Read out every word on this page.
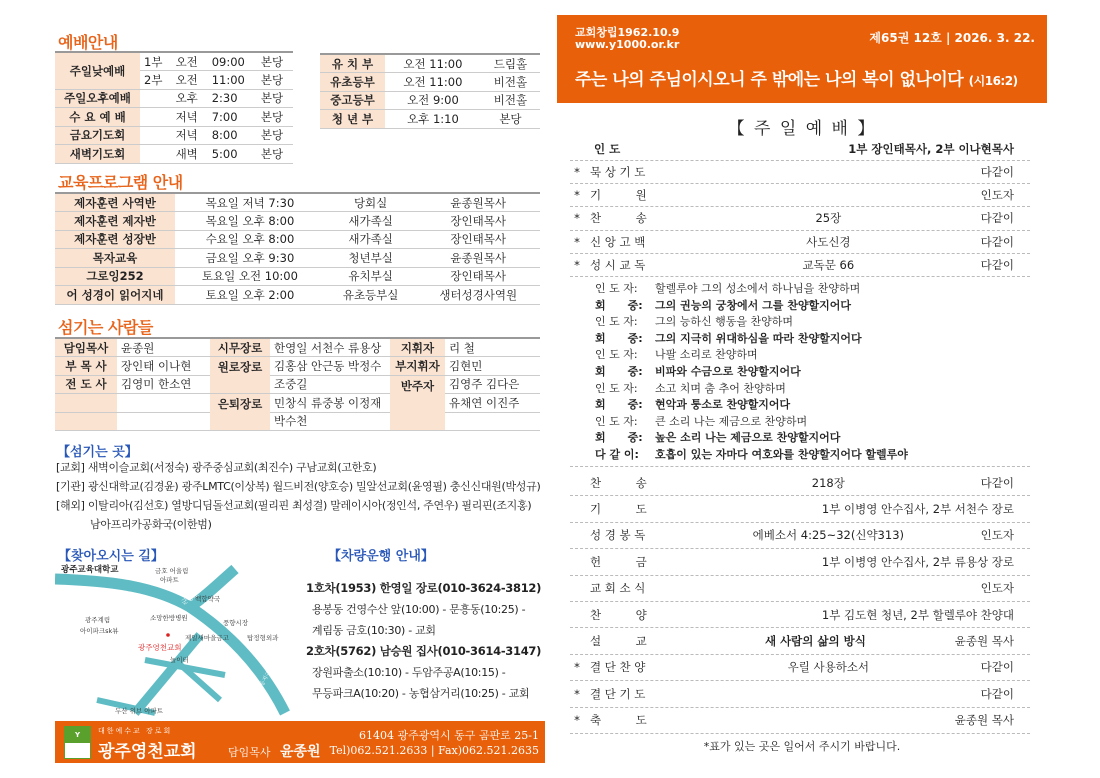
예배안내
주일낮예배	1부	오전	09:00	본당
	2부	오전	11:00	본당
주일오후예배		오후	2:30	본당
수 요 예 배		저녁	7:00	본당
금요기도회		저녁	8:00	본당
새벽기도회		새벽	5:00	본당
유 치 부	오전 11:00	드림홀
유초등부	오전 11:00	비전홀
중고등부	오전 9:00	비전홀
청 년 부	오후 1:10	본당
교육프로그램 안내
제자훈련 사역반	목요일 저녁 7:30	당회실	윤종원목사
제자훈련 제자반	목요일 오후 8:00	새가족실	장인태목사
제자훈련 성장반	수요일 오후 8:00	새가족실	장인태목사
목자교육	금요일 오후 9:30	청년부실	윤종원목사
그로잉252	토요일 오전 10:00	유치부실	장인태목사
어 성경이 읽어지네	토요일 오후 2:00	유초등부실	생터성경사역원
섬기는 사람들
담임목사	윤종원	시무장로	한영일 서천수 류용상	지휘자	리 철
부 목 사	장인태 이나현	원로장로	김홍삼 안근동 박정수	부지휘자	김현민
전 도 사	김영미 한소연		조중길	반주자	김영주 김다은
		은퇴장로	민창식 류중봉 이정재		유채연 이진주
			박수천		
【섬기는 곳】
[교회] 새벽이슬교회(서정숙) 광주중심교회(최진수) 구남교회(고한호)
[기관] 광신대학교(김경윤) 광주LMTC(이상복) 월드비전(양호승) 밀알선교회(윤영필) 충신신대원(박성규)
[해외] 이탈리아(김선호) 열방디딤돌선교회(필리핀 최성결) 말레이시아(정인석, 주연우) 필리핀(조지홍)
남아프리카공화국(이한범)
【찾아오시는 길】
광주교육대학교	금호 어울림
아파트
백합약국
소망한방병원
풍향시장
광주계림
아이파크sk뷰
제일새마을금고	탑정형외과
놀이터
두산 위브 아파트
광주영천교회
군왕로
무등지구입구
【차량운행 안내】
1호차(1953) 한영일 장로(010-3624-3812)
용봉동 건영수산 앞(10:00) - 문흥동(10:25) -
계림동 금호(10:30) - 교회
2호차(5762) 남승원 집사(010-3614-3147)
장원파출소(10:10) - 두암주공A(10:15) -
무등파크A(10:20) - 농협삼거리(10:25) - 교회
Y	대한예수교 장로회
광주영천교회	담임목사 윤종원
61404 광주광역시 동구 곰판로 25-1
Tel)062.521.2633 | Fax)062.521.2635
교회창립1962.10.9
www.y1000.or.kr	제65권 12호 | 2026. 3. 22.
주는 나의 주님이시오니 주 밖에는 나의 복이 없나이다 (시16:2)
【 주 일 예 배 】
인 도	1부 장인태목사, 2부 이나현목사
* 묵 상 기 도	다같이
* 기　　　원	인도자
* 찬　　　송	25장	다같이
* 신 앙 고 백	사도신경	다같이
* 성 시 교 독	교독문 66	다같이
인 도 자:	할렐루야 그의 성소에서 하나님을 찬양하며
회　　중:	그의 권능의 궁창에서 그를 찬양할지어다
인 도 자:	그의 능하신 행동을 찬양하며
회　　중:	그의 지극히 위대하심을 따라 찬양할지어다
인 도 자:	나팔 소리로 찬양하며
회　　중:	비파와 수금으로 찬양할지어다
인 도 자:	소고 치며 춤 추어 찬양하며
회　　중:	현악과 퉁소로 찬양할지어다
인 도 자:	큰 소리 나는 제금으로 찬양하며
회　　중:	높은 소리 나는 제금으로 찬양할지어다
다 같 이:	호흡이 있는 자마다 여호와를 찬양할지어다 할렐루야
찬　　　송	218장	다같이
기　　　도	1부 이병영 안수집사, 2부 서천수 장로
성 경 봉 독	에베소서 4:25~32(신약313)	인도자
헌　　　금	1부 이병영 안수집사, 2부 류용상 장로
교 회 소 식	인도자
찬　　　양	1부 김도현 청년, 2부 할렐루야 찬양대
설　　　교	새 사람의 삶의 방식	윤종원 목사
* 결 단 찬 양	우릴 사용하소서	다같이
* 결 단 기 도	다같이
* 축　　　도	윤종원 목사
*표가 있는 곳은 일어서 주시기 바랍니다.
